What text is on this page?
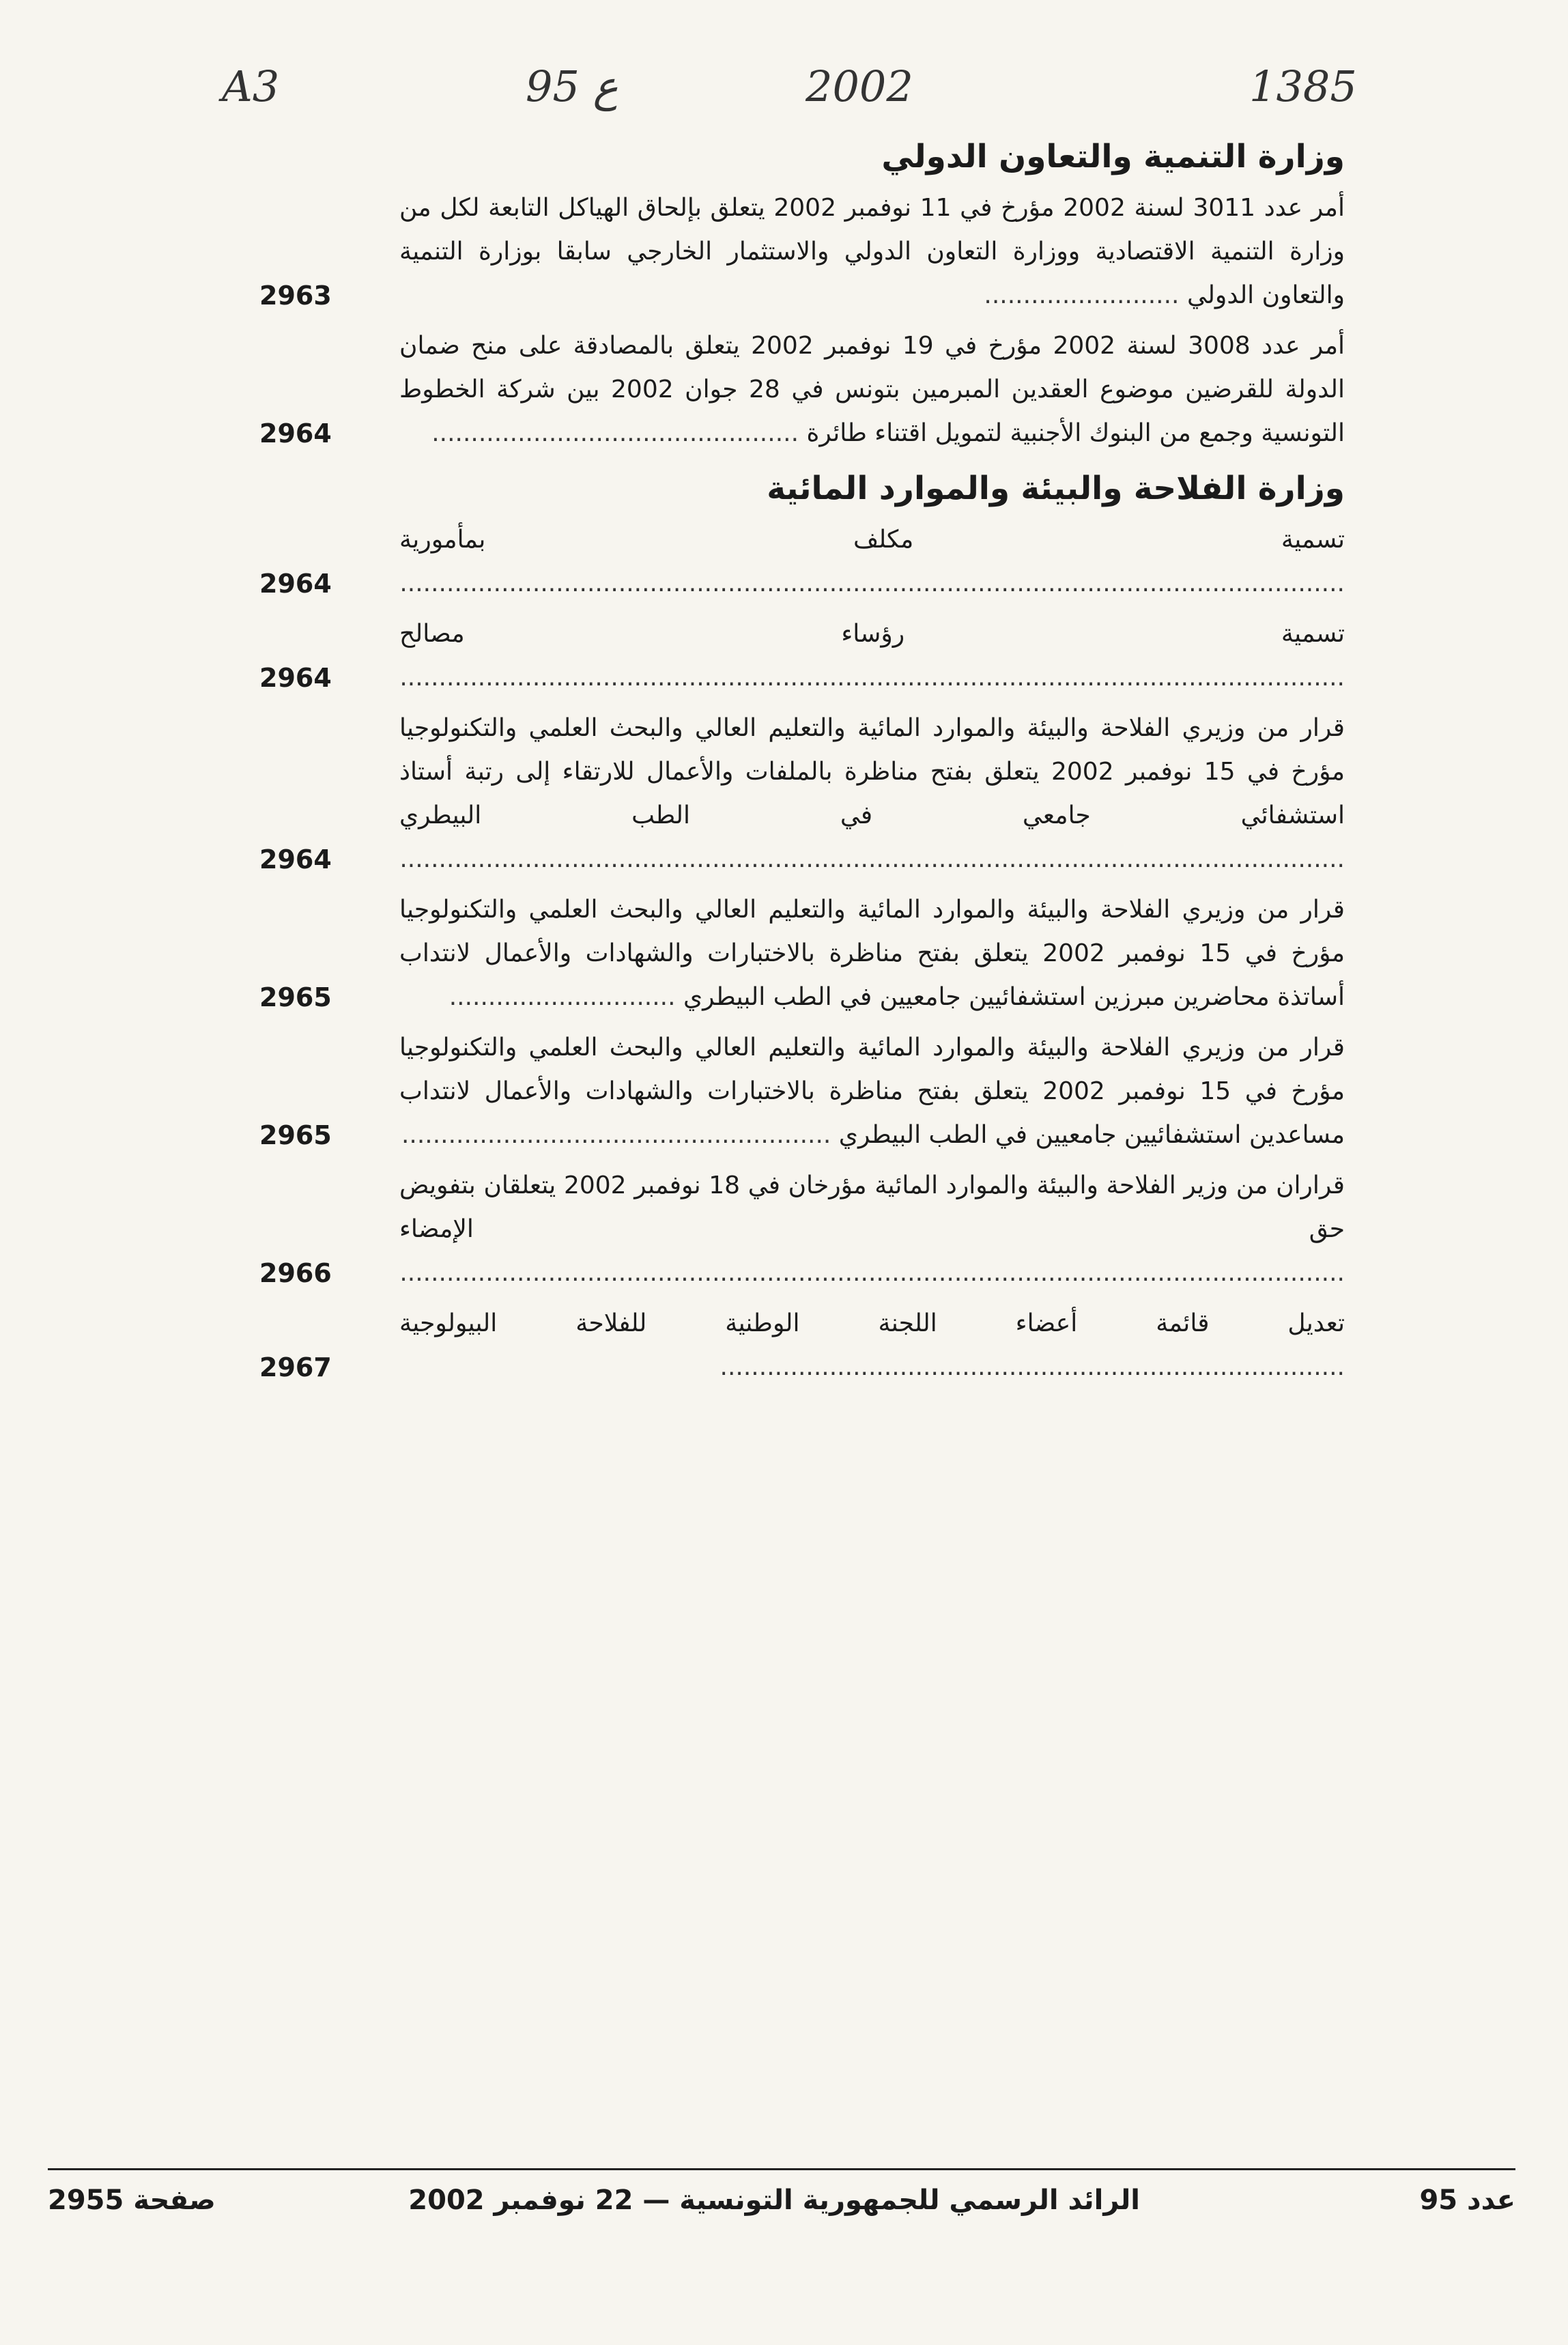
A3	95 ع	2002	1385
وزارة التنمية والتعاون الدولي
أمر عدد 3011 لسنة 2002 مؤرخ في 11 نوفمبر 2002 يتعلق بإلحاق الهياكل التابعة لكل من وزارة التنمية الاقتصادية ووزارة التعاون الدولي والاستثمار الخارجي سابقا بوزارة التنمية والتعاون الدولي .........................
2963
أمر عدد 3008 لسنة 2002 مؤرخ في 19 نوفمبر 2002 يتعلق بالمصادقة على منح ضمان الدولة للقرضين موضوع العقدين المبرمين بتونس في 28 جوان 2002 بين شركة الخطوط التونسية وجمع من البنوك الأجنبية لتمويل اقتناء طائرة ...............................................
2964
وزارة الفلاحة والبيئة والموارد المائية
تسمية مكلف بمأمورية .........................................................................................................................
2964
تسمية رؤساء مصالح .........................................................................................................................
2964
قرار من وزيري الفلاحة والبيئة والموارد المائية والتعليم العالي والبحث العلمي والتكنولوجيا مؤرخ في 15 نوفمبر 2002 يتعلق بفتح مناظرة بالملفات والأعمال للارتقاء إلى رتبة أستاذ استشفائي جامعي في الطب البيطري .........................................................................................................................
2964
قرار من وزيري الفلاحة والبيئة والموارد المائية والتعليم العالي والبحث العلمي والتكنولوجيا مؤرخ في 15 نوفمبر 2002 يتعلق بفتح مناظرة بالاختبارات والشهادات والأعمال لانتداب أساتذة محاضرين مبرزين استشفائيين جامعيين في الطب البيطري .............................
2965
قرار من وزيري الفلاحة والبيئة والموارد المائية والتعليم العالي والبحث العلمي والتكنولوجيا مؤرخ في 15 نوفمبر 2002 يتعلق بفتح مناظرة بالاختبارات والشهادات والأعمال لانتداب مساعدين استشفائيين جامعيين في الطب البيطري .......................................................
2965
قراران من وزير الفلاحة والبيئة والموارد المائية مؤرخان في 18 نوفمبر 2002 يتعلقان بتفويض حق الإمضاء .........................................................................................................................
2966
تعديل قائمة أعضاء اللجنة الوطنية للفلاحة البيولوجية ................................................................................
2967
عدد 95
الرائد الرسمي للجمهورية التونسية — 22 نوفمبر 2002
صفحة 2955
